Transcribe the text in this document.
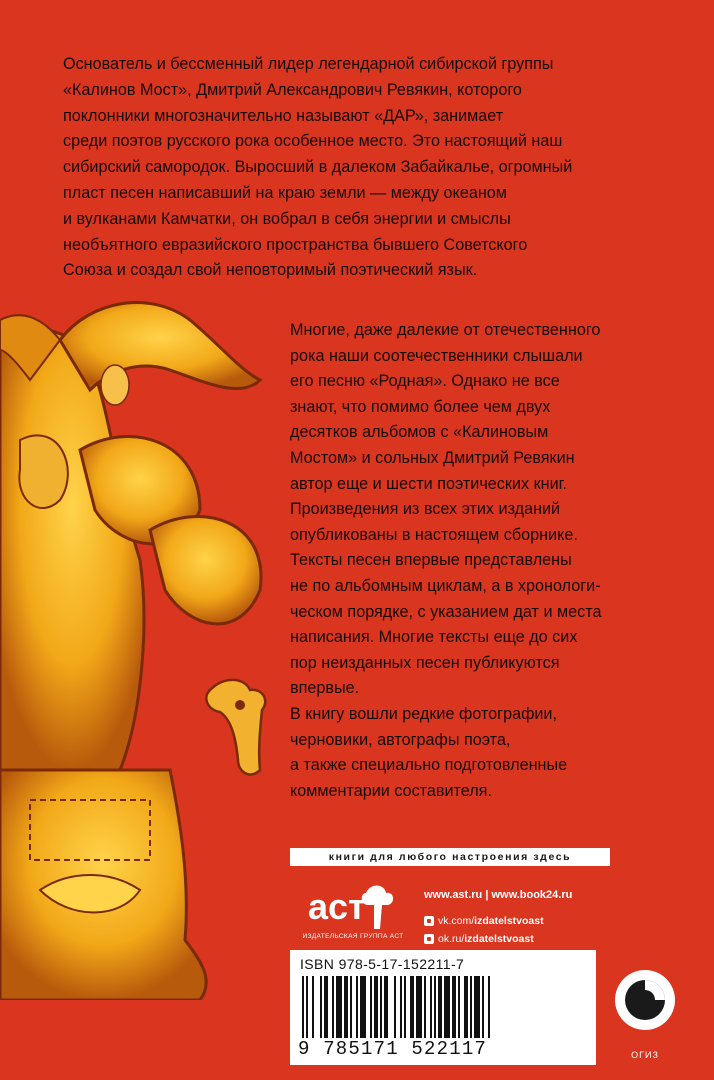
Основатель и бессменный лидер легендарной сибирской группы
«Калинов Мост», Дмитрий Александрович Ревякин, которого
поклонники многозначительно называют «ДАР», занимает
среди поэтов русского рока особенное место. Это настоящий наш
сибирский самородок. Выросший в далеком Забайкалье, огромный
пласт песен написавший на краю земли — между океаном
и вулканами Камчатки, он вобрал в себя энергии и смыслы
необъятного евразийского пространства бывшего Советского
Союза и создал свой неповторимый поэтический язык.
Многие, даже далекие от отечественного
рока наши соотечественники слышали
его песню «Родная». Однако не все
знают, что помимо более чем двух
десятков альбомов с «Калиновым
Мостом» и сольных Дмитрий Ревякин
автор еще и шести поэтических книг.
Произведения из всех этих изданий
опубликованы в настоящем сборнике.
Тексты песен впервые представлены
не по альбомным циклам, а в хронологи-
ческом порядке, с указанием дат и места
написания. Многие тексты еще до сих
пор неизданных песен публикуются
впервые.
В книгу вошли редкие фотографии,
черновики, автографы поэта,
а также специально подготовленные
комментарии составителя.
книги для любого настроения здесь
аст
ИЗДАТЕЛЬСКАЯ ГРУППА АСТ
www.ast.ru | www.book24.ru
vk.com/ izdatelstvoast
ok.ru/ izdatelstvoast
ISBN 978-5-17-152211-7
9 785171 522117	ОГИЗ
